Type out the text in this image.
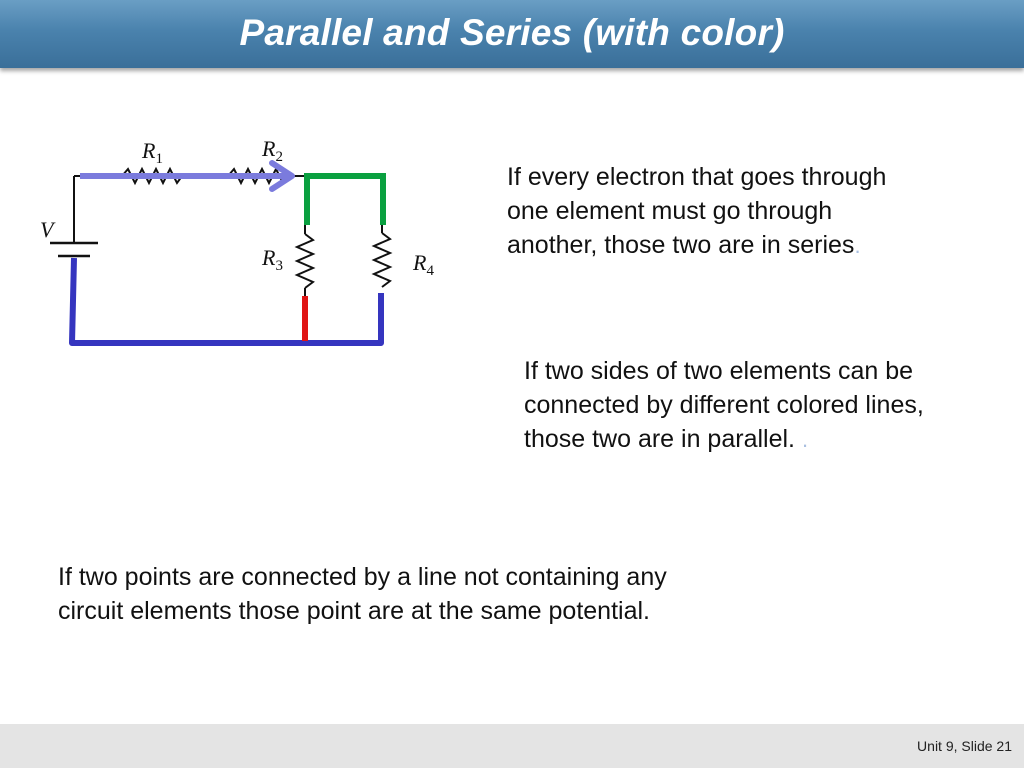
Parallel and Series (with color)
V
$R_1$	$R_2$
$R_3$	$R_4$
If every electron that goes through one element must go through another, those two are in series.
If two sides of two elements can be connected by different colored lines, those two are in parallel. .
If two points are connected by a line not containing any circuit elements those point are at the same potential.
Unit 9, Slide 21
